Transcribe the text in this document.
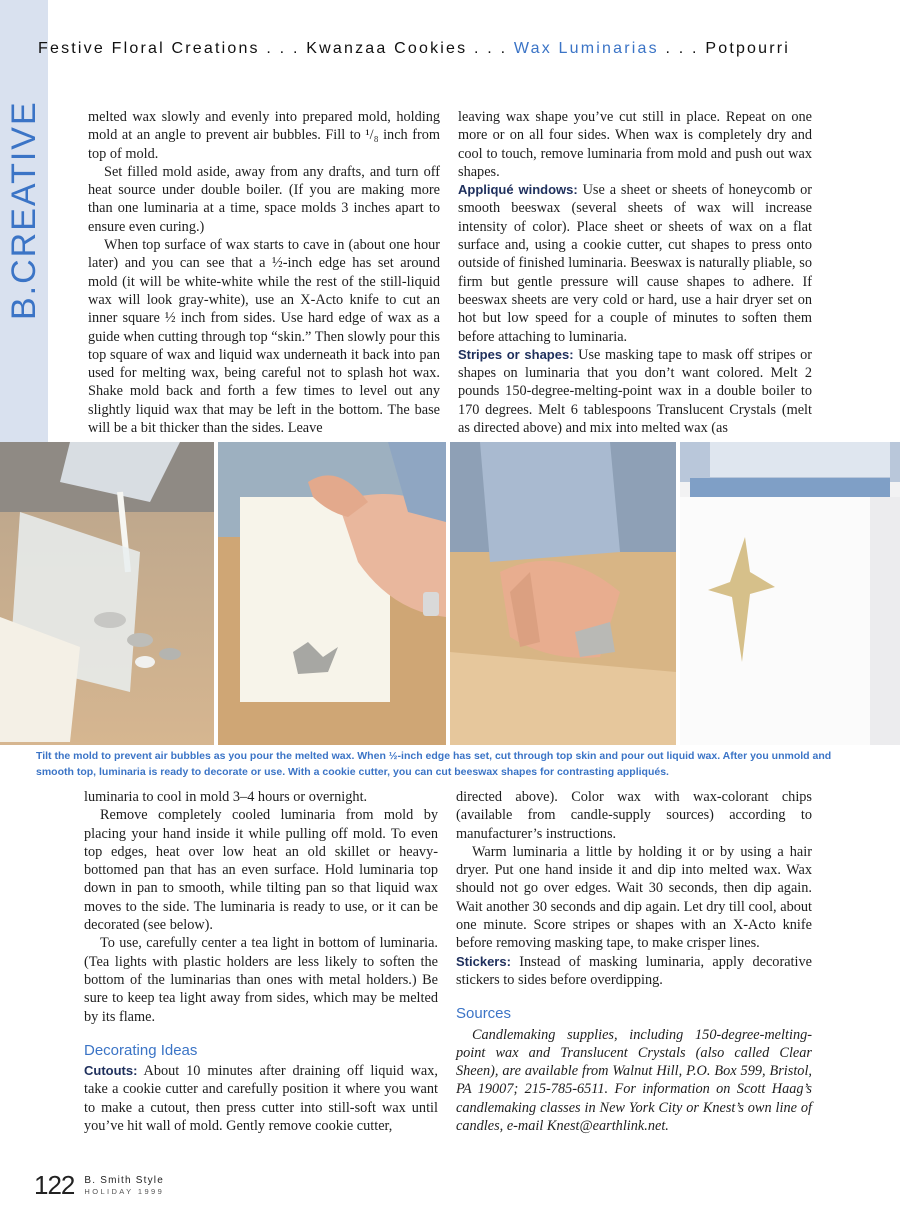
Festive Floral Creations . . . Kwanzaa Cookies . . . Wax Luminarias . . . Potpourri

melted wax slowly and evenly into prepared mold, holding mold at an angle to prevent air bubbles. Fill to ¹/₈ inch from top of mold.

Set filled mold aside, away from any drafts, and turn off heat source under double boiler. (If you are making more than one luminaria at a time, space molds 3 inches apart to ensure even curing.)

When top surface of wax starts to cave in (about one hour later) and you can see that a ½-inch edge has set around mold (it will be white-white while the rest of the still-liquid wax will look gray-white), use an X-Acto knife to cut an inner square ½ inch from sides. Use hard edge of wax as a guide when cutting through top “skin.” Then slowly pour this top square of wax and liquid wax underneath it back into pan used for melting wax, being careful not to splash hot wax. Shake mold back and forth a few times to level out any slightly liquid wax that may be left in the bottom. The base will be a bit thicker than the sides. Leave

leaving wax shape you’ve cut still in place. Repeat on one more or on all four sides. When wax is completely dry and cool to touch, remove luminaria from mold and push out wax shapes.

Appliqué windows: Use a sheet or sheets of honeycomb or smooth beeswax (several sheets of wax will increase intensity of color). Place sheet or sheets of wax on a flat surface and, using a cookie cutter, cut shapes to press onto outside of finished luminaria. Beeswax is naturally pliable, so firm but gentle pressure will cause shapes to adhere. If beeswax sheets are very cold or hard, use a hair dryer set on hot but low speed for a couple of minutes to soften them before attaching to luminaria.

Stripes or shapes: Use masking tape to mask off stripes or shapes on luminaria that you don’t want colored. Melt 2 pounds 150-degree-melting-point wax in a double boiler to 170 degrees. Melt 6 tablespoons Translucent Crystals (melt as directed above) and mix into melted wax (as

Tilt the mold to prevent air bubbles as you pour the melted wax. When ½-inch edge has set, cut through top skin and pour out liquid wax. After you unmold and smooth top, luminaria is ready to decorate or use. With a cookie cutter, you can cut beeswax shapes for contrasting appliqués.

luminaria to cool in mold 3–4 hours or overnight.

Remove completely cooled luminaria from mold by placing your hand inside it while pulling off mold. To even top edges, heat over low heat an old skillet or heavy-bottomed pan that has an even surface. Hold luminaria top down in pan to smooth, while tilting pan so that liquid wax moves to the side. The luminaria is ready to use, or it can be decorated (see below).

To use, carefully center a tea light in bottom of luminaria. (Tea lights with plastic holders are less likely to soften the bottom of the luminarias than ones with metal holders.) Be sure to keep tea light away from sides, which may be melted by its flame.

Decorating Ideas

Cutouts: About 10 minutes after draining off liquid wax, take a cookie cutter and carefully position it where you want to make a cutout, then press cutter into still-soft wax until you’ve hit wall of mold. Gently remove cookie cutter,

directed above). Color wax with wax-colorant chips (available from candle-supply sources) according to manufacturer’s instructions.

Warm luminaria a little by holding it or by using a hair dryer. Put one hand inside it and dip into melted wax. Wax should not go over edges. Wait 30 seconds, then dip again. Wait another 30 seconds and dip again. Let dry till cool, about one minute. Score stripes or shapes with an X-Acto knife before removing masking tape, to make crisper lines.

Stickers: Instead of masking luminaria, apply decorative stickers to sides before overdipping.

Sources

Candlemaking supplies, including 150-degree-melting-point wax and Translucent Crystals (also called Clear Sheen), are available from Walnut Hill, P.O. Box 599, Bristol, PA 19007; 215-785-6511. For information on Scott Haag’s candlemaking classes in New York City or Knest’s own line of candles, e-mail Knest@earthlink.net.

122 B. Smith Style
HOLIDAY 1999
